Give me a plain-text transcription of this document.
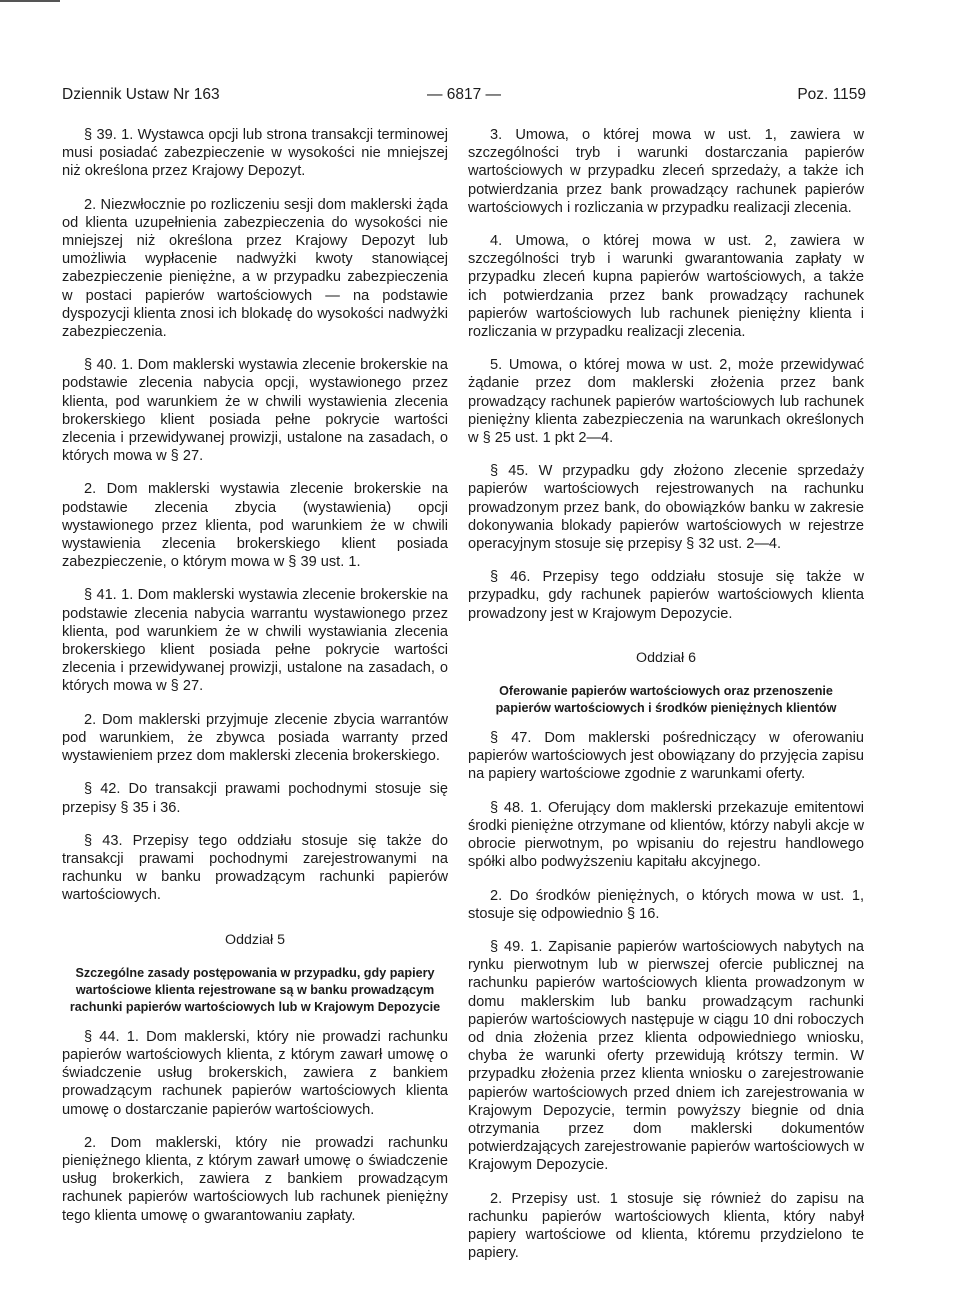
Dziennik Ustaw Nr 163	— 6817 —	Poz. 1159

§ 39. 1. Wystawca opcji lub strona transakcji terminowej musi posiadać zabezpieczenie w wysokości nie mniejszej niż określona przez Krajowy Depozyt.

2. Niezwłocznie po rozliczeniu sesji dom maklerski żąda od klienta uzupełnienia zabezpieczenia do wysokości nie mniejszej niż określona przez Krajowy Depozyt lub umożliwia wypłacenie nadwyżki kwoty stanowiącej zabezpieczenie pieniężne, a w przypadku zabezpieczenia w postaci papierów wartościowych — na podstawie dyspozycji klienta znosi ich blokadę do wysokości nadwyżki zabezpieczenia.

§ 40. 1. Dom maklerski wystawia zlecenie brokerskie na podstawie zlecenia nabycia opcji, wystawionego przez klienta, pod warunkiem że w chwili wystawienia zlecenia brokerskiego klient posiada pełne pokrycie wartości zlecenia i przewidywanej prowizji, ustalone na zasadach, o których mowa w § 27.

2. Dom maklerski wystawia zlecenie brokerskie na podstawie zlecenia zbycia (wystawienia) opcji wystawionego przez klienta, pod warunkiem że w chwili wystawienia zlecenia brokerskiego klient posiada zabezpieczenie, o którym mowa w § 39 ust. 1.

§ 41. 1. Dom maklerski wystawia zlecenie brokerskie na podstawie zlecenia nabycia warrantu wystawionego przez klienta, pod warunkiem że w chwili wystawiania zlecenia brokerskiego klient posiada pełne pokrycie wartości zlecenia i przewidywanej prowizji, ustalone na zasadach, o których mowa w § 27.

2. Dom maklerski przyjmuje zlecenie zbycia warrantów pod warunkiem, że zbywca posiada warranty przed wystawieniem przez dom maklerski zlecenia brokerskiego.

§ 42. Do transakcji prawami pochodnymi stosuje się przepisy § 35 i 36.

§ 43. Przepisy tego oddziału stosuje się także do transakcji prawami pochodnymi zarejestrowanymi na rachunku w banku prowadzącym rachunki papierów wartościowych.

Oddział 5
Szczególne zasady postępowania w przypadku, gdy papiery wartościowe klienta rejestrowane są w banku prowadzącym rachunki papierów wartościowych lub w Krajowym Depozycie

§ 44. 1. Dom maklerski, który nie prowadzi rachunku papierów wartościowych klienta, z którym zawarł umowę o świadczenie usług brokerskich, zawiera z bankiem prowadzącym rachunek papierów wartościowych klienta umowę o dostarczanie papierów wartościowych.

2. Dom maklerski, który nie prowadzi rachunku pieniężnego klienta, z którym zawarł umowę o świadczenie usług brokerkich, zawiera z bankiem prowadzącym rachunek papierów wartościowych lub rachunek pieniężny tego klienta umowę o gwarantowaniu zapłaty.

3. Umowa, o której mowa w ust. 1, zawiera w szczególności tryb i warunki dostarczania papierów wartościowych w przypadku zleceń sprzedaży, a także ich potwierdzania przez bank prowadzący rachunek papierów wartościowych i rozliczania w przypadku realizacji zlecenia.

4. Umowa, o której mowa w ust. 2, zawiera w szczególności tryb i warunki gwarantowania zapłaty w przypadku zleceń kupna papierów wartościowych, a także ich potwierdzania przez bank prowadzący rachunek papierów wartościowych lub rachunek pieniężny klienta i rozliczania w przypadku realizacji zlecenia.

5. Umowa, o której mowa w ust. 2, może przewidywać żądanie przez dom maklerski złożenia przez bank prowadzący rachunek papierów wartościowych lub rachunek pieniężny klienta zabezpieczenia na warunkach określonych w § 25 ust. 1 pkt 2—4.

§ 45. W przypadku gdy złożono zlecenie sprzedaży papierów wartościowych rejestrowanych na rachunku prowadzonym przez bank, do obowiązków banku w zakresie dokonywania blokady papierów wartościowych w rejestrze operacyjnym stosuje się przepisy § 32 ust. 2—4.

§ 46. Przepisy tego oddziału stosuje się także w przypadku, gdy rachunek papierów wartościowych klienta prowadzony jest w Krajowym Depozycie.

Oddział 6
Oferowanie papierów wartościowych oraz przenoszenie papierów wartościowych i środków pieniężnych klientów

§ 47. Dom maklerski pośredniczący w oferowaniu papierów wartościowych jest obowiązany do przyjęcia zapisu na papiery wartościowe zgodnie z warunkami oferty.

§ 48. 1. Oferujący dom maklerski przekazuje emitentowi środki pieniężne otrzymane od klientów, którzy nabyli akcje w obrocie pierwotnym, po wpisaniu do rejestru handlowego spółki albo podwyższeniu kapitału akcyjnego.

2. Do środków pieniężnych, o których mowa w ust. 1, stosuje się odpowiednio § 16.

§ 49. 1. Zapisanie papierów wartościowych nabytych na rynku pierwotnym lub w pierwszej ofercie publicznej na rachunku papierów wartościowych klienta prowadzonym w domu maklerskim lub banku prowadzącym rachunki papierów wartościowych następuje w ciągu 10 dni roboczych od dnia złożenia przez klienta odpowiedniego wniosku, chyba że warunki oferty przewidują krótszy termin. W przypadku złożenia przez klienta wniosku o zarejestrowanie papierów wartościowych przed dniem ich zarejestrowania w Krajowym Depozycie, termin powyższy biegnie od dnia otrzymania przez dom maklerski dokumentów potwierdzających zarejestrowanie papierów wartościowych w Krajowym Depozycie.

2. Przepisy ust. 1 stosuje się również do zapisu na rachunku papierów wartościowych klienta, który nabył papiery wartościowe od klienta, któremu przydzielono te papiery.
